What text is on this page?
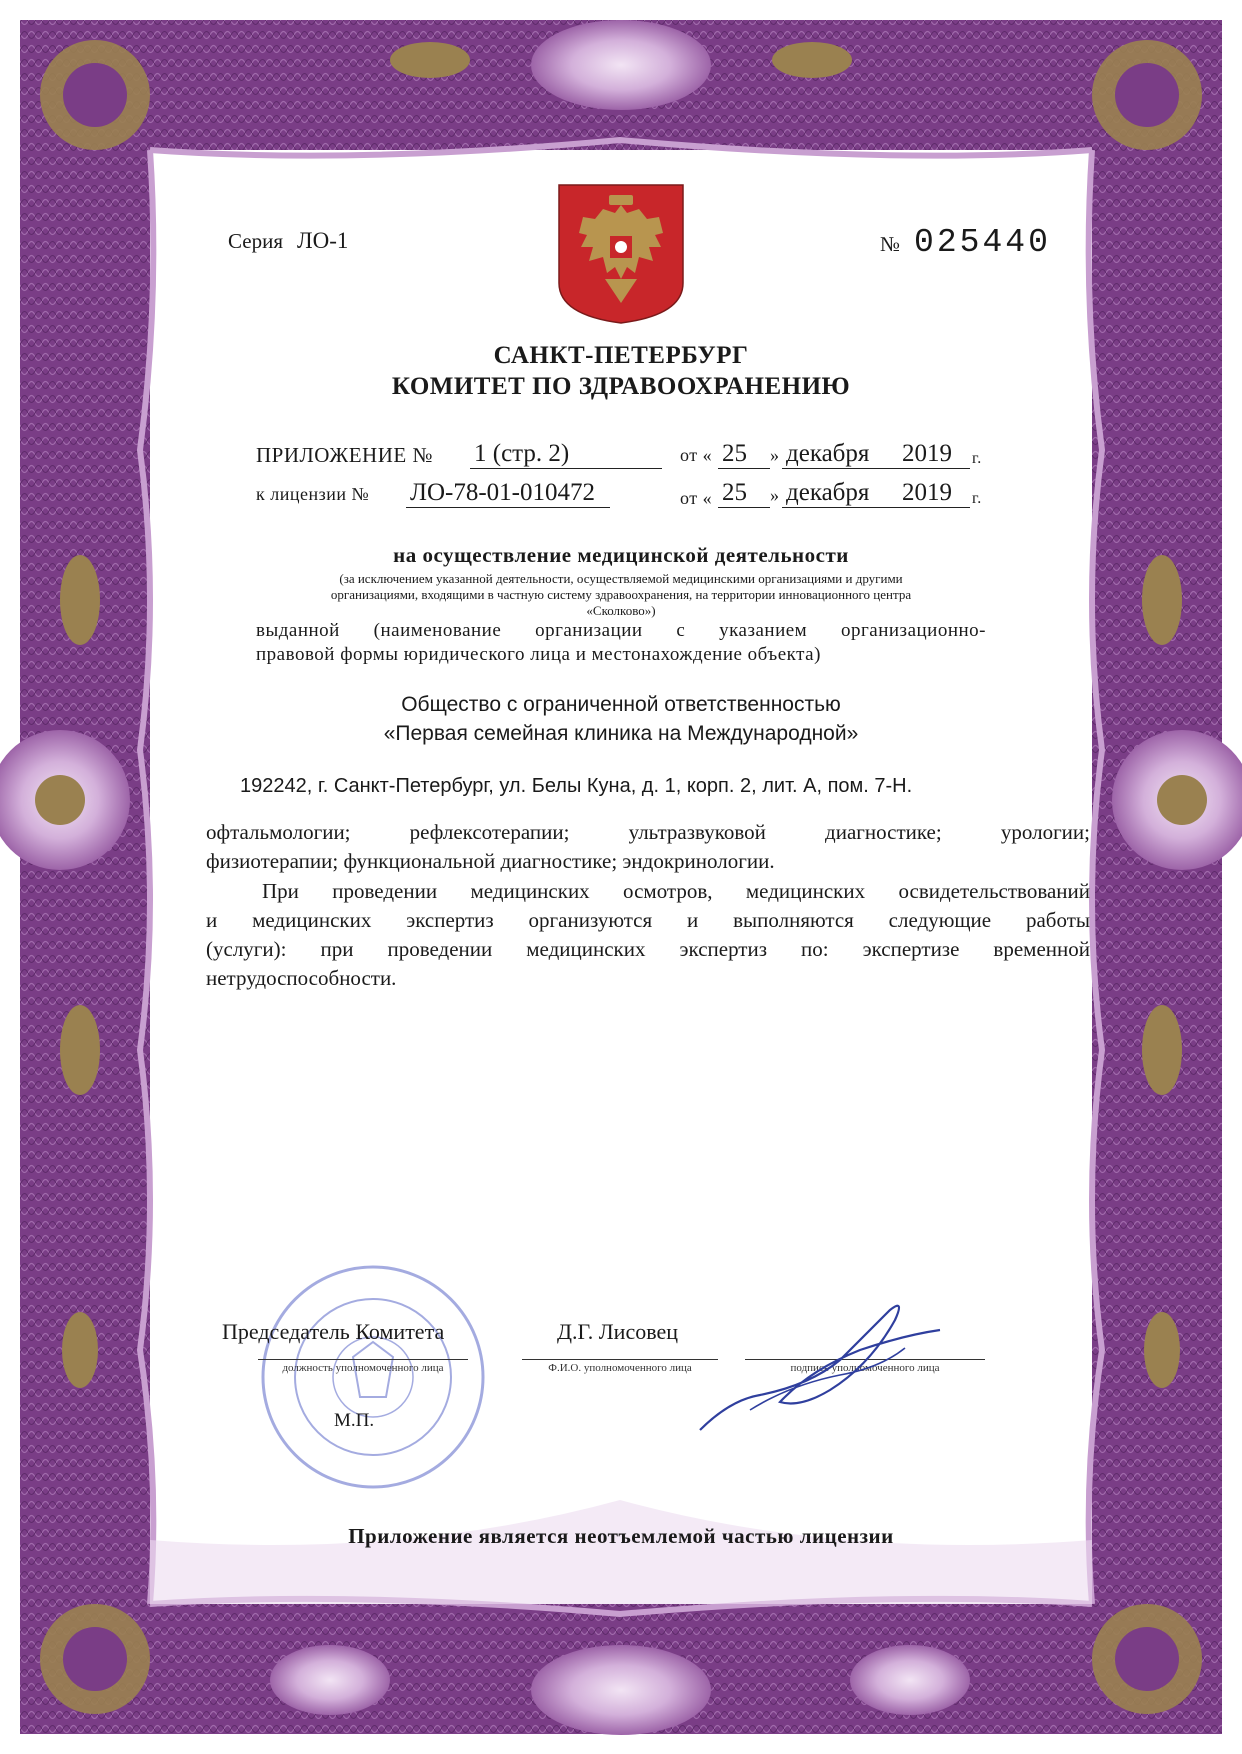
Серия ЛО-1	№ 025440
САНКТ-ПЕТЕРБУРГ
КОМИТЕТ ПО ЗДРАВООХРАНЕНИЮ
ПРИЛОЖЕНИЕ № 1 (стр. 2)	от « 25	» декабря	2019	г.
к лицензии № ЛО-78-01-010472	от « 25	» декабря	2019	г.
на осуществление медицинской деятельности
(за исключением указанной деятельности, осуществляемой медицинскими организациями и другими
организациями, входящими в частную систему здравоохранения, на территории инновационного центра
«Сколково»)
выданной (наименование организации с указанием организационно-
правовой формы юридического лица и местонахождение объекта)
Общество с ограниченной ответственностью
«Первая семейная клиника на Международной»
192242, г. Санкт-Петербург, ул. Белы Куна, д. 1, корп. 2, лит. А, пом. 7-Н.
офтальмологии; рефлексотерапии; ультразвуковой диагностике; урологии;
физиотерапии; функциональной диагностике; эндокринологии.
При проведении медицинских осмотров, медицинских освидетельствований
и медицинских экспертиз организуются и выполняются следующие работы
(услуги): при проведении медицинских экспертиз по: экспертизе временной
нетрудоспособности.
Председатель Комитета	Д.Г. Лисовец
должность уполномоченного лица	Ф.И.О. уполномоченного лица	подпись уполномоченного лица
М.П.
Приложение является неотъемлемой частью лицензии
